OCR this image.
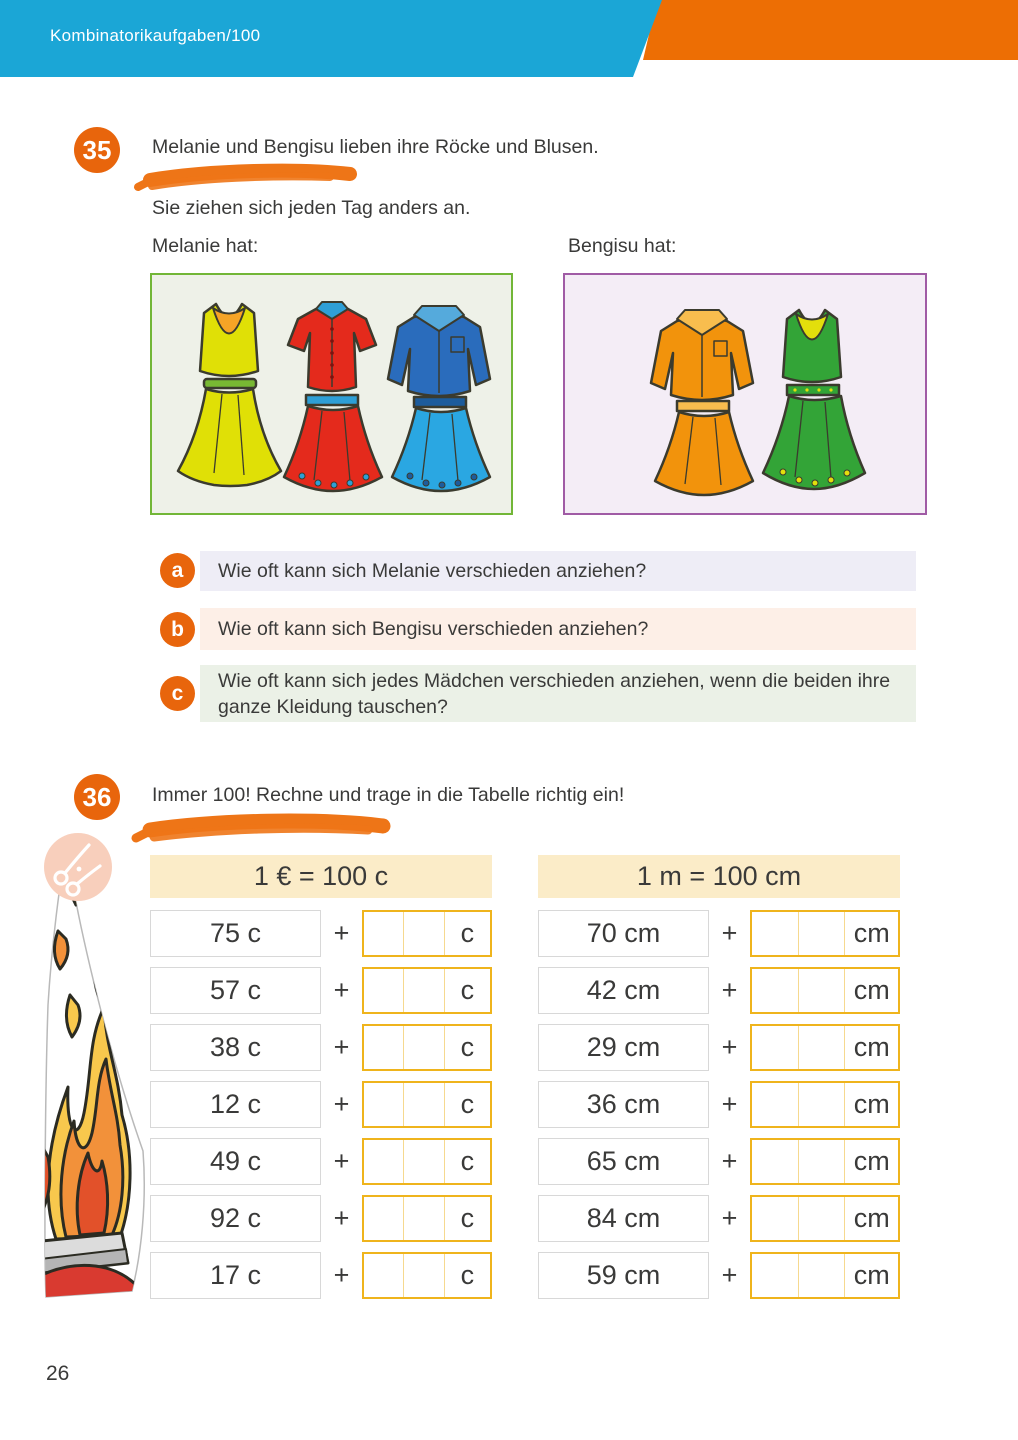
Kombinatorikaufgaben/100
35 Melanie und Bengisu lieben ihre Röcke und Blusen.
Sie ziehen sich jeden Tag anders an.
Melanie hat:	Bengisu hat:
Wie oft kann sich Melanie verschieden anziehen?
a
Wie oft kann sich Bengisu verschieden anziehen?
b
Wie oft kann sich jedes Mädchen verschieden anziehen, wenn die beiden ihre ganze Kleidung tauschen?
c
36 Immer 100! Rechne und trage in die Tabelle richtig ein!
1 € = 100 c	1 m = 100 cm
75 c	+	c
57 c	+	c
38 c	+	c
12 c	+	c
49 c	+	c
92 c	+	c
17 c	+	c
70 cm	+	cm
42 cm	+	cm
29 cm	+	cm
36 cm	+	cm
65 cm	+	cm
84 cm	+	cm
59 cm	+	cm
26
